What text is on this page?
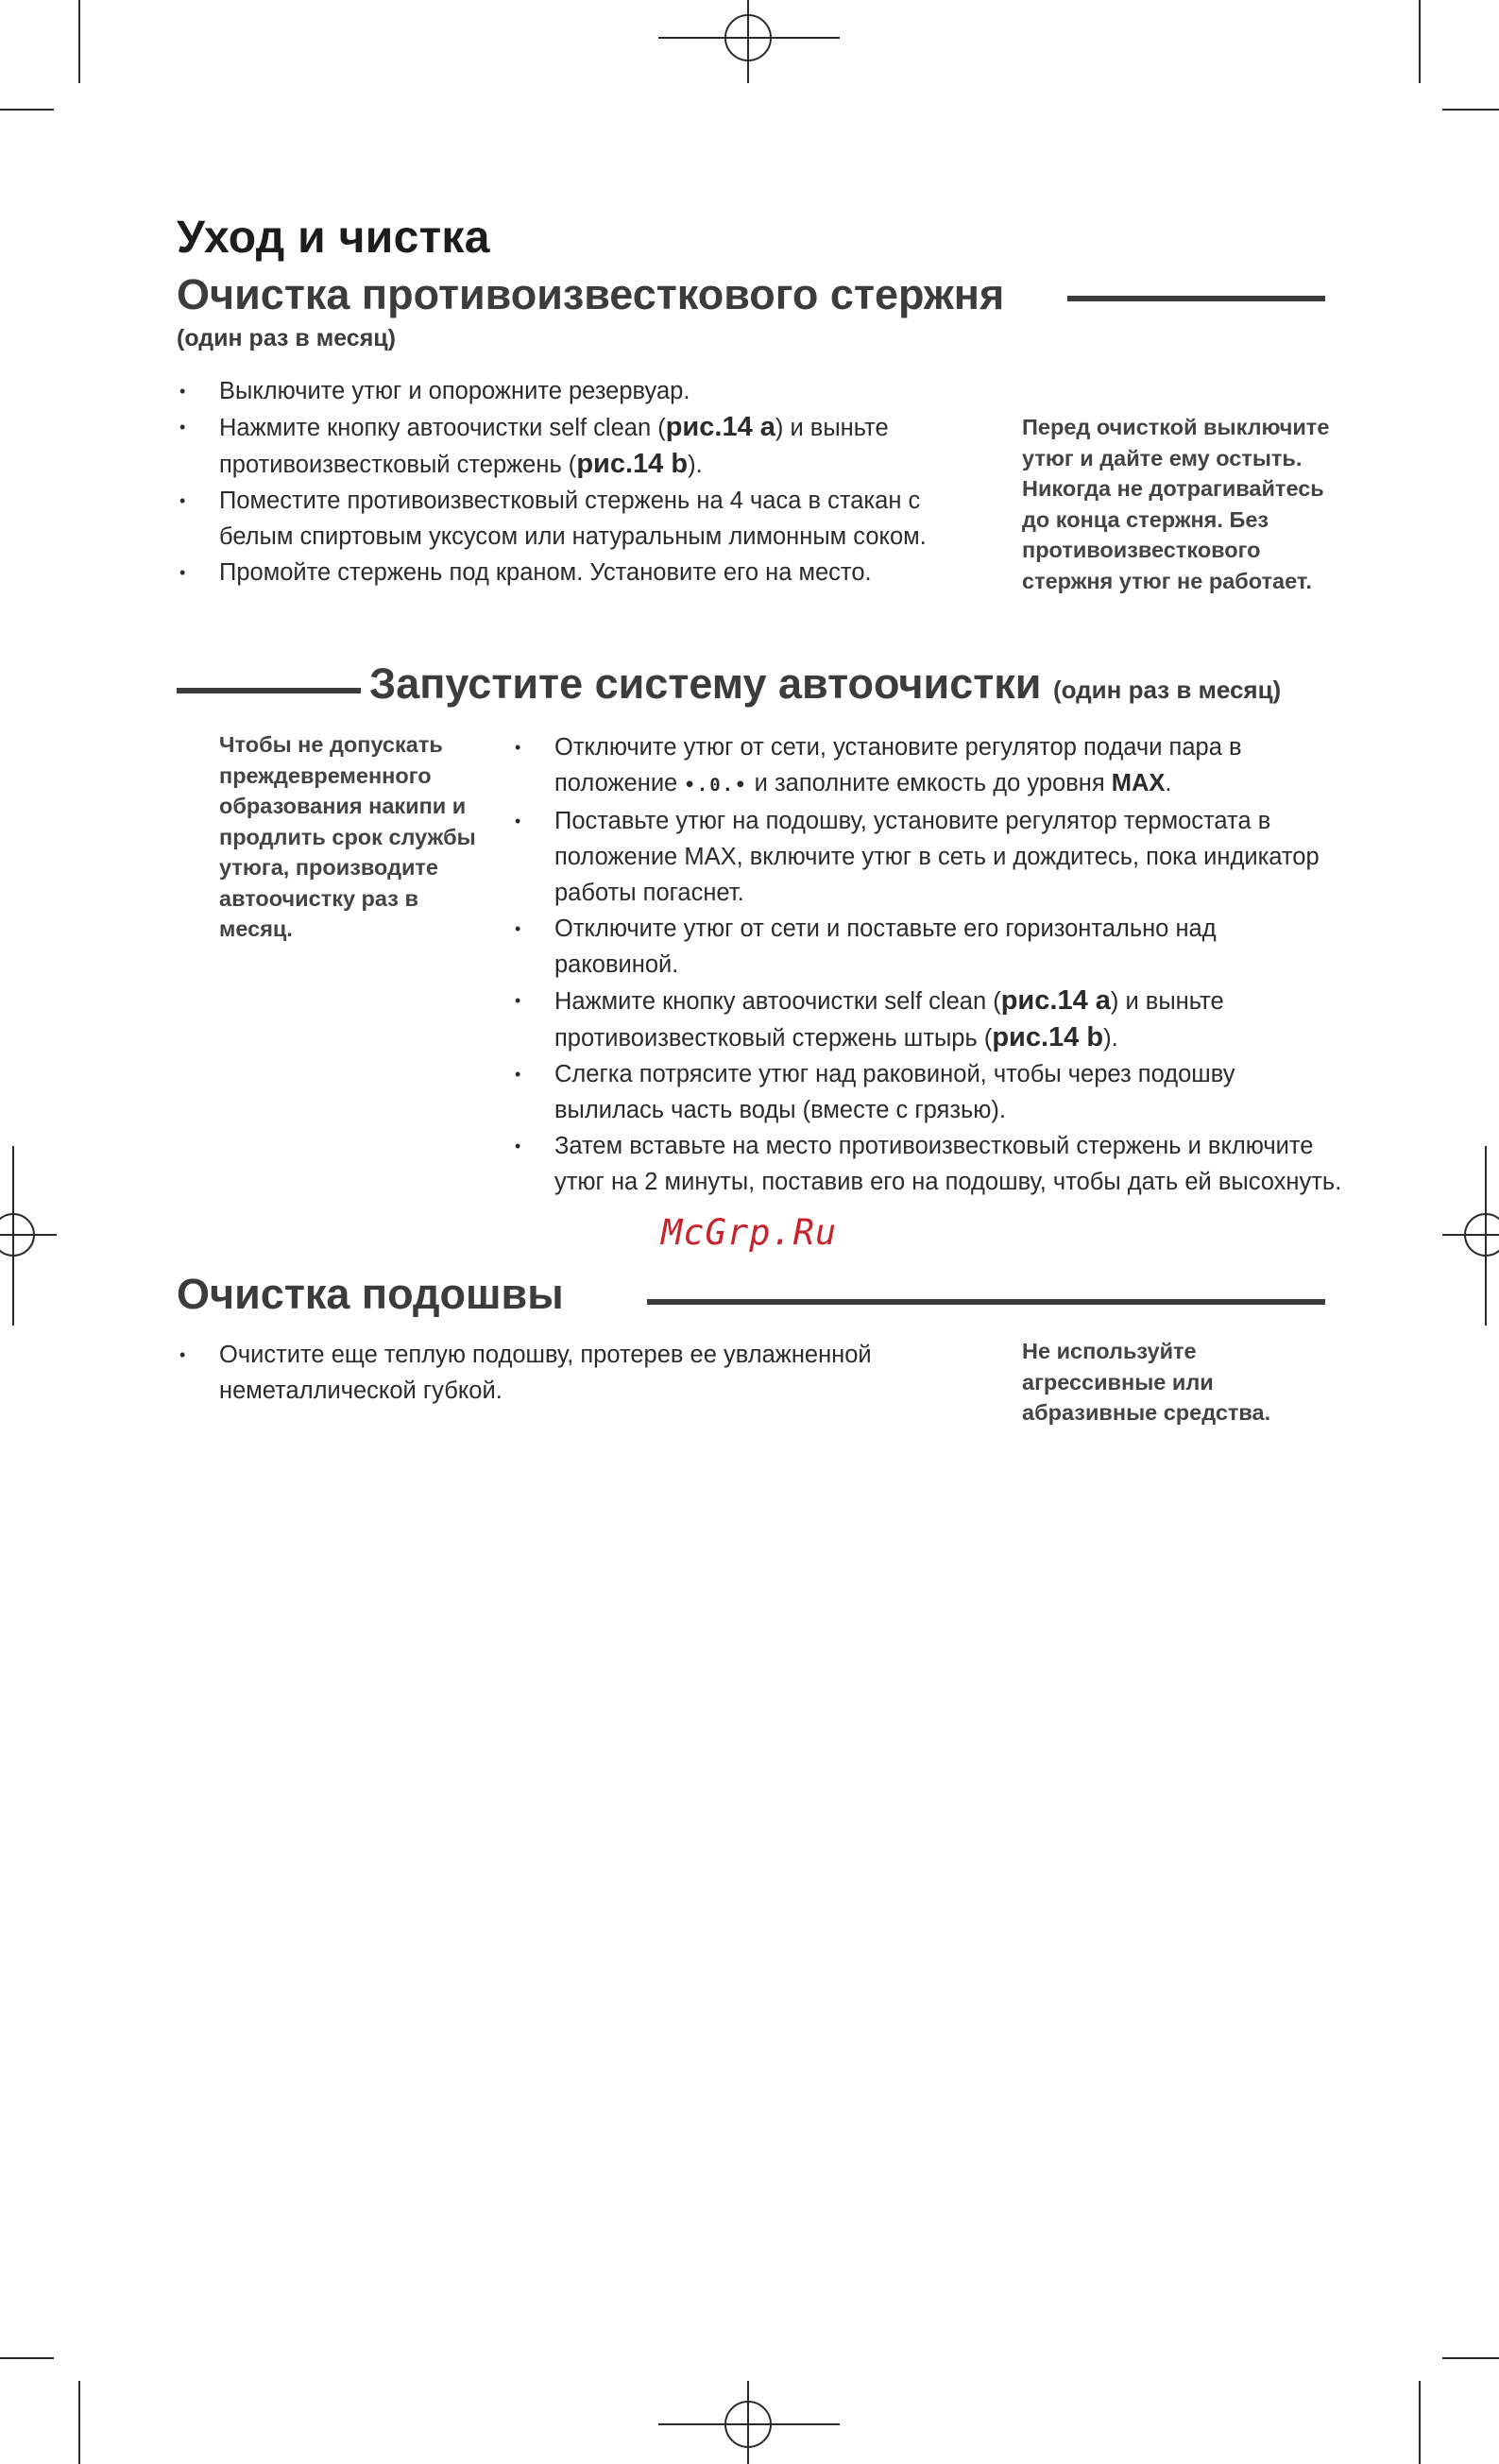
Уход и чистка
Очистка противоизвесткового стержня
(один раз в месяц)
• Выключите утюг и опорожните резервуар.
• Нажмите кнопку автоочистки self clean (рис.14 a) и выньте противоизвестковый стержень (рис.14 b).
• Поместите противоизвестковый стержень на 4 часа в стакан с белым спиртовым уксусом или натуральным лимонным соком.
• Промойте стержень под краном. Установите его на место.
Перед очисткой выключите утюг и дайте ему остыть. Никогда не дотрагивайтесь до конца стержня. Без противоизвесткового стержня утюг не работает.
Запустите систему автоочистки (один раз в месяц)
Чтобы не допускать преждевременного образования накипи и продлить срок службы утюга, производите автоочистку раз в месяц.
• Отключите утюг от сети, установите регулятор подачи пара в положение •.0.• и заполните емкость до уровня MAX.
• Поставьте утюг на подошву, установите регулятор термостата в положение MAX, включите утюг в сеть и дождитесь, пока индикатор работы погаснет.
• Отключите утюг от сети и поставьте его горизонтально над раковиной.
• Нажмите кнопку автоочистки self clean (рис.14 a) и выньте противоизвестковый стержень штырь (рис.14 b).
• Слегка потрясите утюг над раковиной, чтобы через подошву вылилась часть воды (вместе с грязью).
• Затем вставьте на место противоизвестковый стержень и включите утюг на 2 минуты, поставив его на подошву, чтобы дать ей высохнуть.
McGrp.Ru
Очистка подошвы
• Очистите еще теплую подошву, протерев ее увлажненной неметаллической губкой.
Не используйте агрессивные или абразивные средства.
